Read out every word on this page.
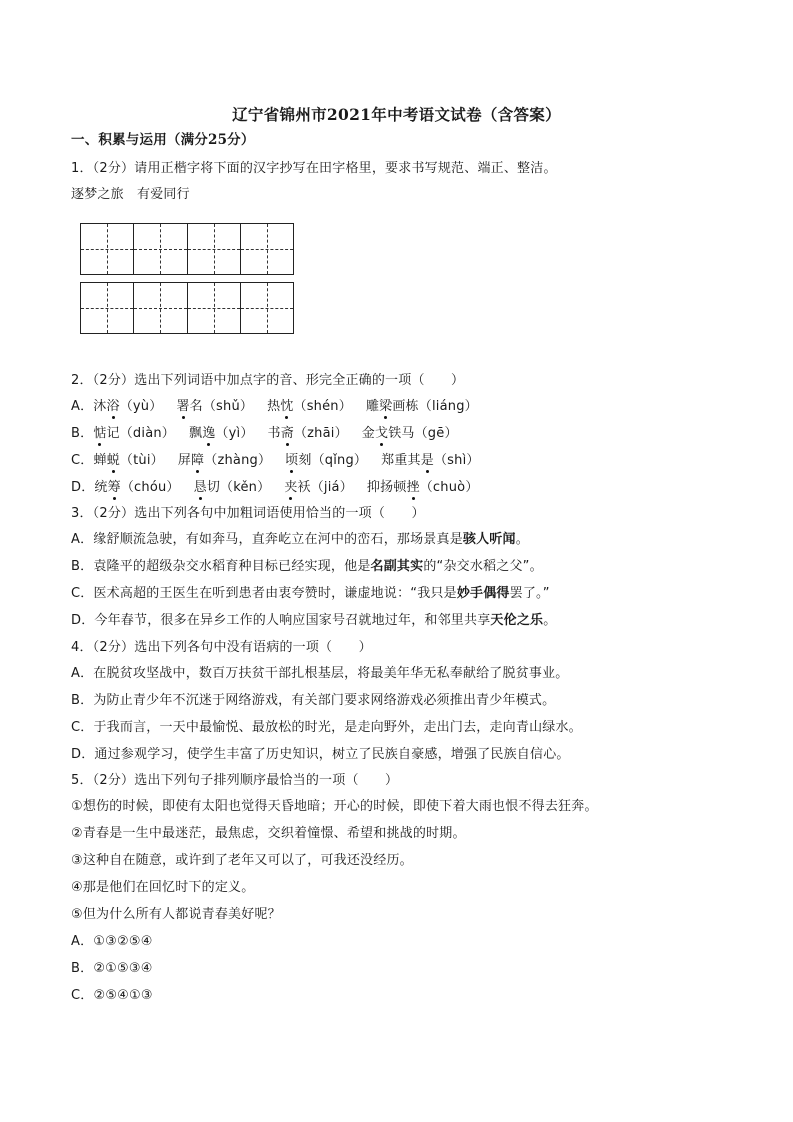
辽宁省锦州市2021年中考语文试卷（含答案）
一、积累与运用（满分25分）
1．（2分）请用正楷字将下面的汉字抄写在田字格里，要求书写规范、端正、整洁。
逐梦之旅　有爱同行
2．（2分）选出下列词语中加点字的音、形完全正确的一项（　　）
A．沐浴（yù） 署名（shǔ） 热忱（shén） 雕梁画栋（liáng）
B．惦记（diàn） 飘逸（yì） 书斋（zhāi） 金戈铁马（gē）
C．蝉蜕（tùi） 屏障（zhàng） 顷刻（qǐng） 郑重其是（shì）
D．统筹（chóu） 恳切（kěn） 夹袄（jiá） 抑扬顿挫（chuò）
3．（2分）选出下列各句中加粗词语使用恰当的一项（　　）
A．缘舒顺流急驶，有如奔马，直奔屹立在河中的峦石，那场景真是骇人听闻。
B．袁隆平的超级杂交水稻育种目标已经实现，他是名副其实的“杂交水稻之父”。
C．医术高超的王医生在听到患者由衷夸赞时，谦虚地说：“我只是妙手偶得罢了。”
D．今年春节，很多在异乡工作的人响应国家号召就地过年，和邻里共享天伦之乐。
4．（2分）选出下列各句中没有语病的一项（　　）
A．在脱贫攻坚战中，数百万扶贫干部扎根基层，将最美年华无私奉献给了脱贫事业。
B．为防止青少年不沉迷于网络游戏，有关部门要求网络游戏必须推出青少年模式。
C．于我而言，一天中最愉悦、最放松的时光，是走向野外，走出门去，走向青山绿水。
D．通过参观学习，使学生丰富了历史知识，树立了民族自豪感，增强了民族自信心。
5．（2分）选出下列句子排列顺序最恰当的一项（　　）
①想伤的时候，即使有太阳也觉得天昏地暗；开心的时候，即使下着大雨也恨不得去狂奔。
②青春是一生中最迷茫，最焦虑，交织着憧憬、希望和挑战的时期。
③这种自在随意，或许到了老年又可以了，可我还没经历。
④那是他们在回忆时下的定义。
⑤但为什么所有人都说青春美好呢？
A．①③②⑤④
B．②①⑤③④
C．②⑤④①③
